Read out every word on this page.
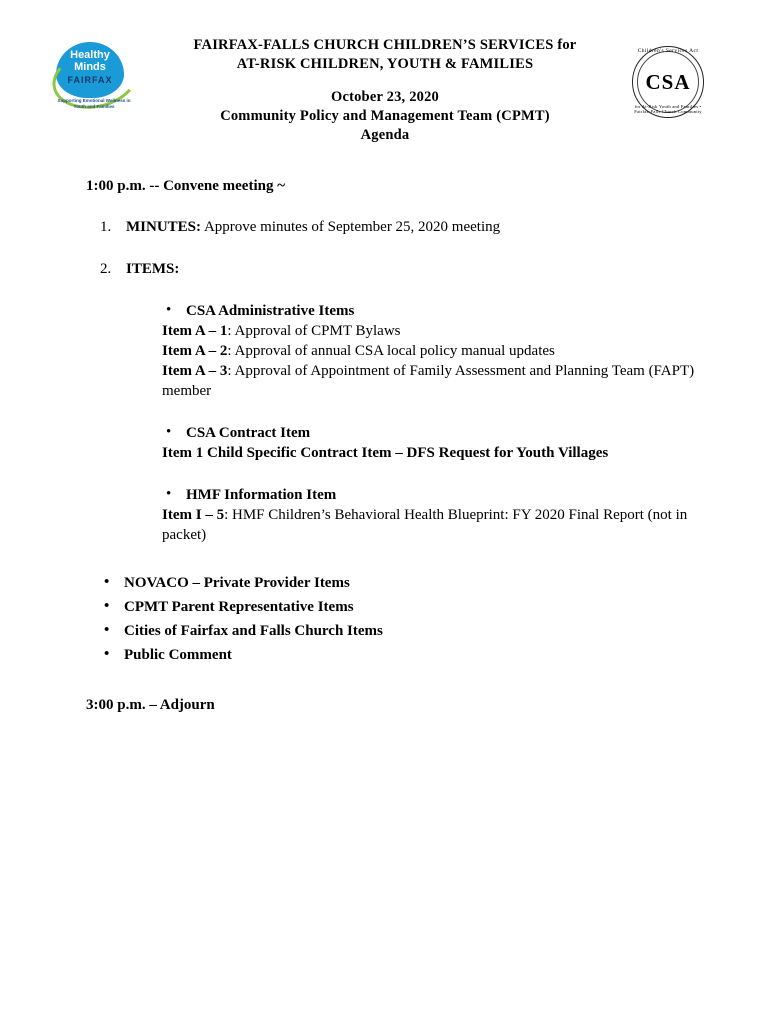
Healthy
Minds
FAIRFAX
Supporting Emotional Wellness in Youth and Families
FAIRFAX-FALLS CHURCH CHILDREN’S SERVICES for
AT-RISK CHILDREN, YOUTH & FAMILIES
October 23, 2020
Community Policy and Management Team (CPMT)
Agenda
Children's Services Act
CSA
for At-Risk Youth and Families • Fairfax-Falls Church Community
1:00 p.m. -- Convene meeting ~
1. MINUTES: Approve minutes of September 25, 2020 meeting
2. ITEMS:
• CSA Administrative Items
Item A – 1: Approval of CPMT Bylaws
Item A – 2: Approval of annual CSA local policy manual updates
Item A – 3: Approval of Appointment of Family Assessment and Planning Team (FAPT) member
• CSA Contract Item
Item 1 Child Specific Contract Item – DFS Request for Youth Villages
• HMF Information Item
Item I – 5: HMF Children’s Behavioral Health Blueprint: FY 2020 Final Report (not in packet)
• NOVACO – Private Provider Items
• CPMT Parent Representative Items
• Cities of Fairfax and Falls Church Items
• Public Comment
3:00 p.m. – Adjourn
